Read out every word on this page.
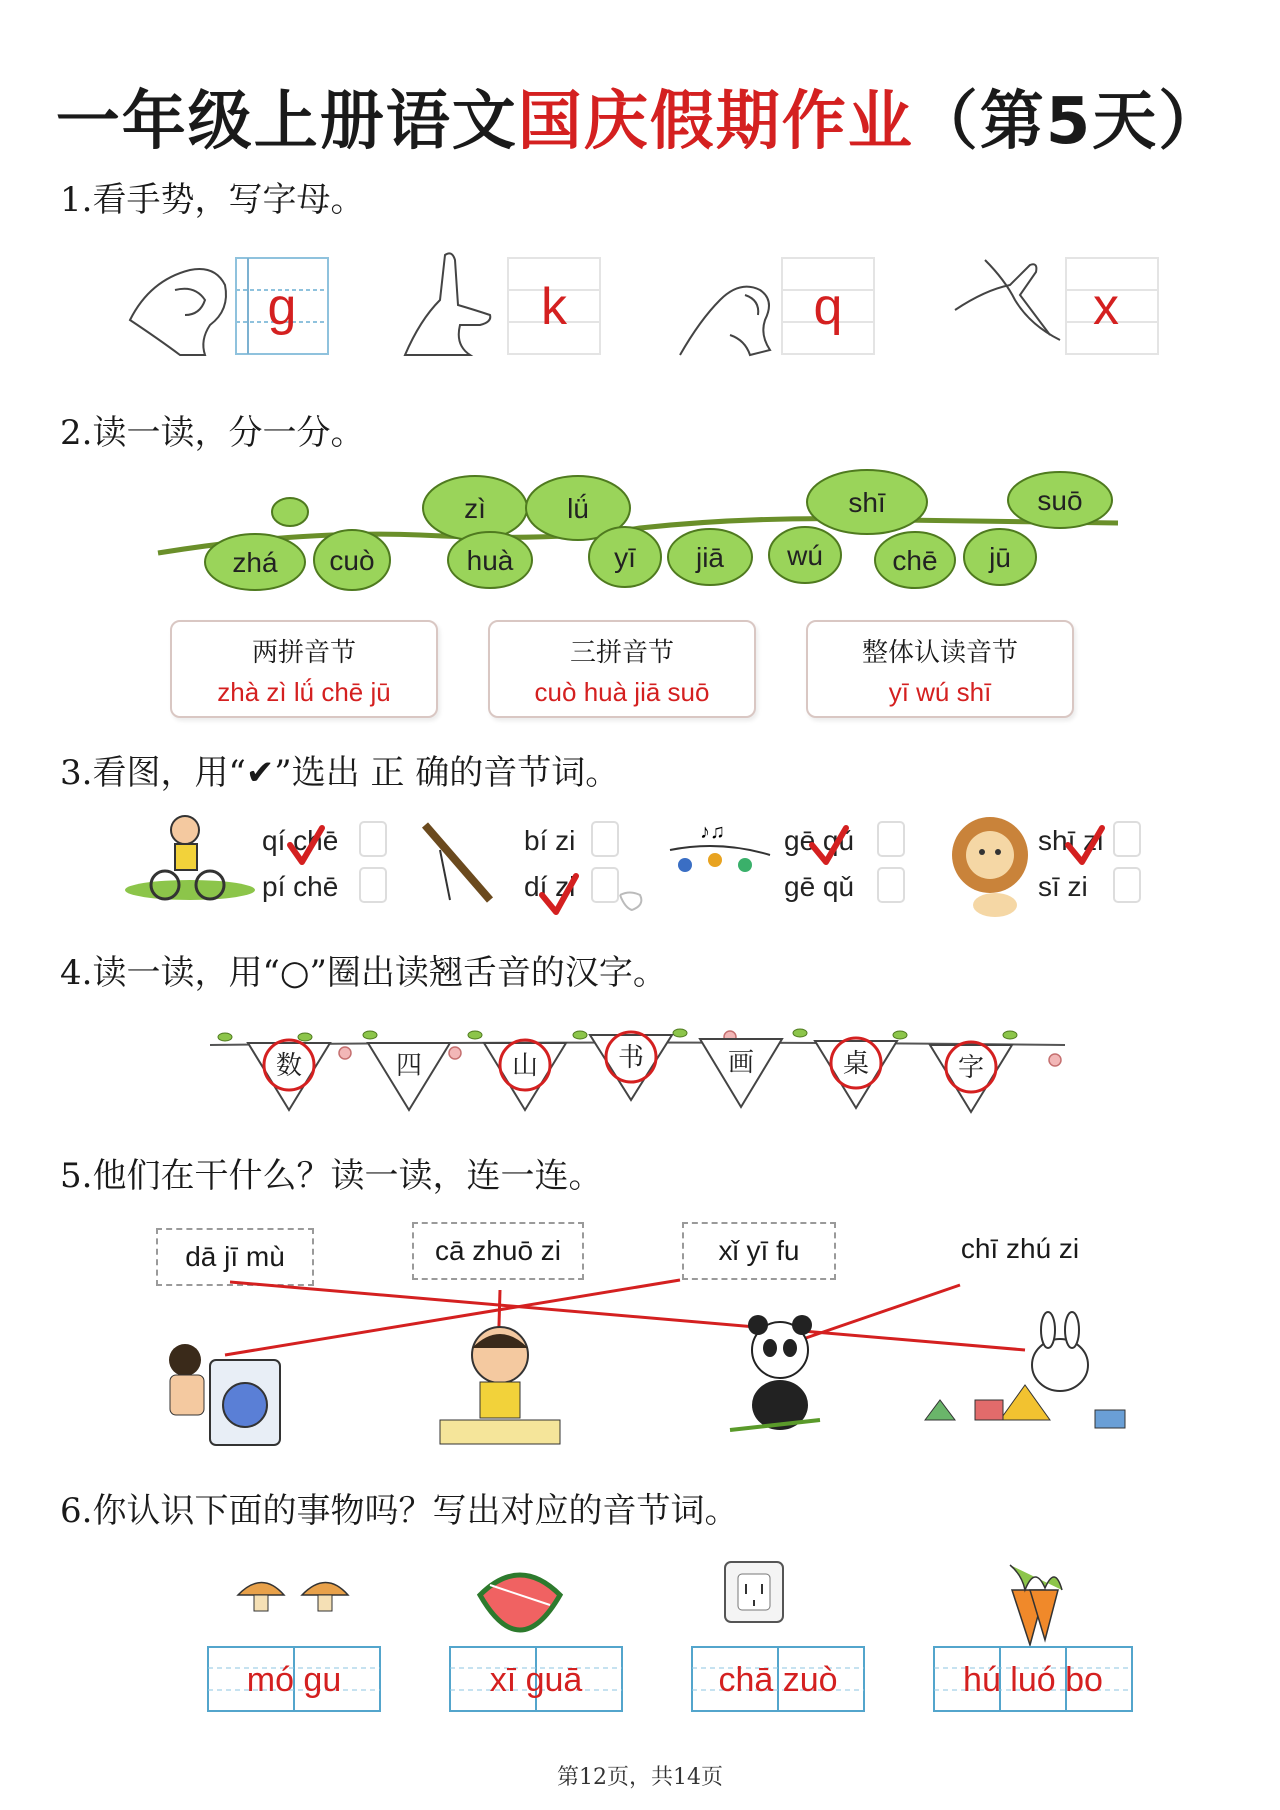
一年级上册语文国庆假期作业（第5天）
1.看手势，写字母。
g	k	q	x
2.读一读，分一分。
zhá cuò
zì
huà
lǘ
yī jiā wú
shī
chē jū
suō
两拼音节
zhà zì lǘ chē jū
三拼音节
cuò huà jiā suō
整体认读音节
yī wú shī
3.看图，用“✔”选出 正 确的音节词。
♪♫
qí chē
pí chē
bí zi
dí zi
gē qǔ
gē qǔ
shī zi
sī zi
4.读一读，用“○”圈出读翘舌音的汉字。
数	四	山	书	画	桌	字
5.他们在干什么？读一读，连一连。
dā jī mù	cā zhuō zi	xǐ yī fu	chī zhú zi
6.你认识下面的事物吗？写出对应的音节词。
mó gu	xī guā	chā zuò	hú luó bo
第12页，共14页
